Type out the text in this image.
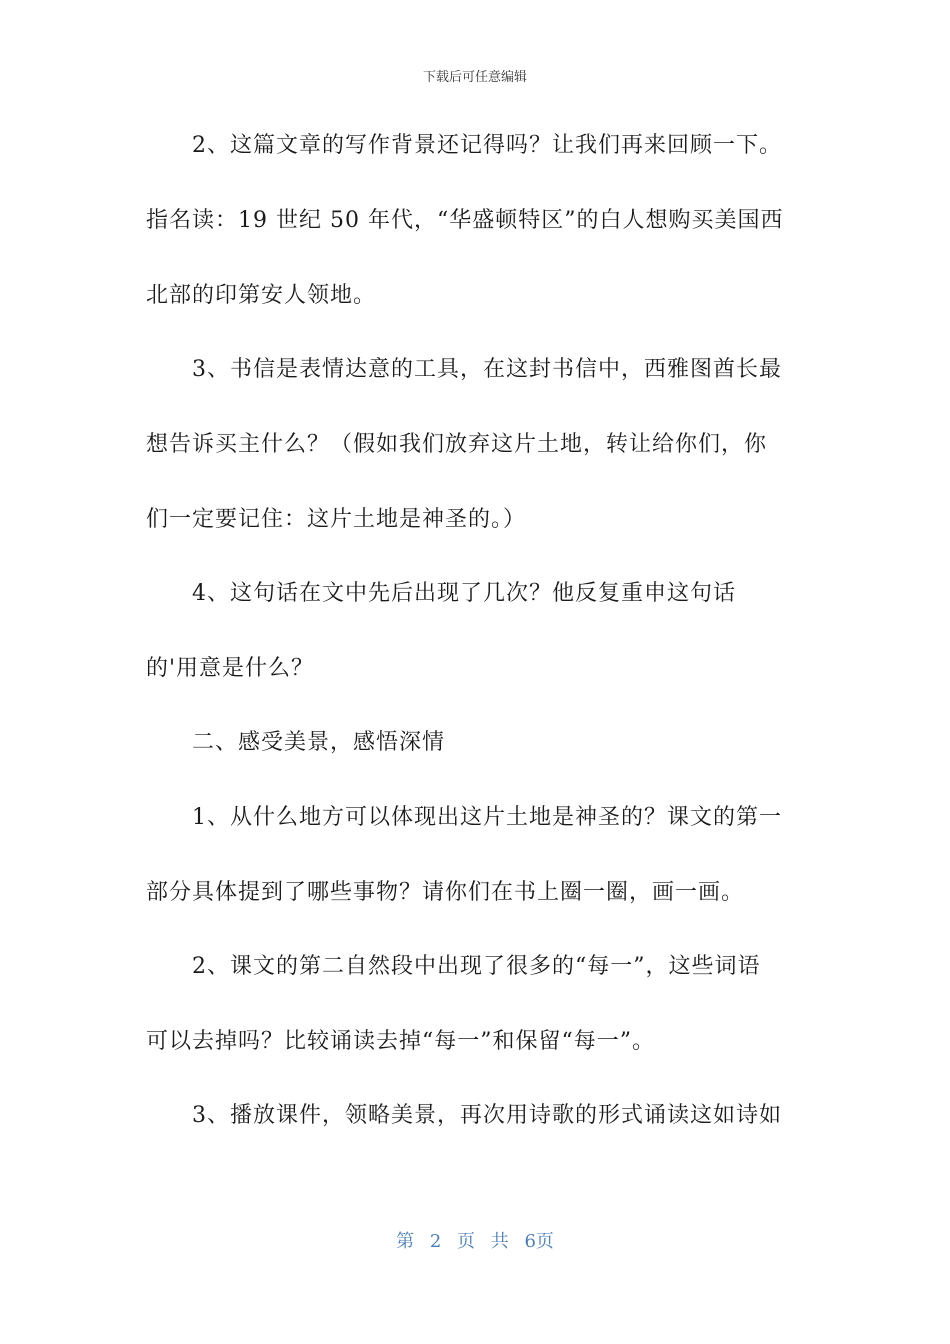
下载后可任意编辑
2、这篇文章的写作背景还记得吗？让我们再来回顾一下。
指名读：19 世纪 50 年代，“华盛顿特区”的白人想购买美国西
北部的印第安人领地。
3、书信是表情达意的工具，在这封书信中，西雅图酋长最
想告诉买主什么？（假如我们放弃这片土地，转让给你们，你
们一定要记住：这片土地是神圣的。）
4、这句话在文中先后出现了几次？他反复重申这句话
的'用意是什么？
二、感受美景，感悟深情
1、从什么地方可以体现出这片土地是神圣的？课文的第一
部分具体提到了哪些事物？请你们在书上圈一圈，画一画。
2、课文的第二自然段中出现了很多的“每一”，这些词语
可以去掉吗？比较诵读去掉“每一”和保留“每一”。
3、播放课件，领略美景，再次用诗歌的形式诵读这如诗如
第 2 页 共 6页
